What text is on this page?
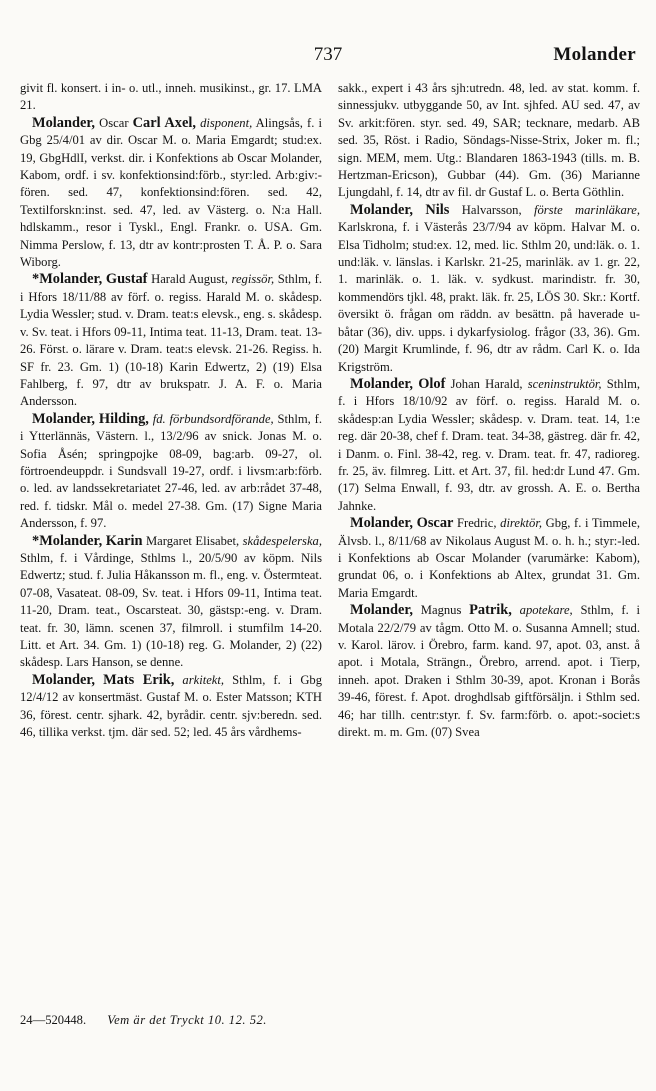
737	Molander

givit fl. konsert. i in- o. utl., inneh. musikinst., gr. 17. LMA 21.

Molander, Oscar Carl Axel, disponent, Alingsås, f. i Gbg 25/4/01 av dir. Oscar M. o. Maria Emgardt; stud:ex. 19, GbgHdlI, verkst. dir. i Konfektions ab Oscar Molander, Kabom, ordf. i sv. konfektionsind:förb., styr:led. Arb:giv:-fören. sed. 47, konfektionsind:fören. sed. 42, Textilforskn:inst. sed. 47, led. av Västerg. o. N:a Hall. hdlskamm., resor i Tyskl., Engl. Frankr. o. USA. Gm. Nimma Perslow, f. 13, dtr av kontr:prosten T. Å. P. o. Sara Wiborg.

*Molander, Gustaf Harald August, regissör, Sthlm, f. i Hfors 18/11/88 av förf. o. regiss. Harald M. o. skådesp. Lydia Wessler; stud. v. Dram. teat:s elevsk., eng. s. skådesp. v. Sv. teat. i Hfors 09-11, Intima teat. 11-13, Dram. teat. 13-26. Först. o. lärare v. Dram. teat:s elevsk. 21-26. Regiss. h. SF fr. 23. Gm. 1) (10-18) Karin Edwertz, 2) (19) Elsa Fahlberg, f. 97, dtr av brukspatr. J. A. F. o. Maria Andersson.

Molander, Hilding, fd. förbundsordförande, Sthlm, f. i Ytterlännäs, Västern. l., 13/2/96 av snick. Jonas M. o. Sofia Åsén; springpojke 08-09, bag:arb. 09-27, ol. förtroendeuppdr. i Sundsvall 19-27, ordf. i livsm:arb:förb. o. led. av landssekretariatet 27-46, led. av arb:rådet 37-48, red. f. tidskr. Mål o. medel 27-38. Gm. (17) Signe Maria Andersson, f. 97.

*Molander, Karin Margaret Elisabet, skådespelerska, Sthlm, f. i Vårdinge, Sthlms l., 20/5/90 av köpm. Nils Edwertz; stud. f. Julia Håkansson m. fl., eng. v. Östermteat. 07-08, Vasateat. 08-09, Sv. teat. i Hfors 09-11, Intima teat. 11-20, Dram. teat., Oscarsteat. 30, gästsp:-eng. v. Dram. teat. fr. 30, lämn. scenen 37, filmroll. i stumfilm 14-20. Litt. et Art. 34. Gm. 1) (10-18) reg. G. Molander, 2) (22) skådesp. Lars Hanson, se denne.

Molander, Mats Erik, arkitekt, Sthlm, f. i Gbg 12/4/12 av konsertmäst. Gustaf M. o. Ester Matsson; KTH 36, förest. centr. sjhark. 42, byrådir. centr. sjv:beredn. sed. 46, tillika verkst. tjm. där sed. 52; led. 45 års vårdhems-

sakk., expert i 43 års sjh:utredn. 48, led. av stat. komm. f. sinnessjukv. utbyggande 50, av Int. sjhfed. AU sed. 47, av Sv. arkit:fören. styr. sed. 49, SAR; tecknare, medarb. AB sed. 35, Röst. i Radio, Söndags-Nisse-Strix, Joker m. fl.; sign. MEM, mem. Utg.: Blandaren 1863-1943 (tills. m. B. Hertzman-Ericson), Gubbar (44). Gm. (36) Marianne Ljungdahl, f. 14, dtr av fil. dr Gustaf L. o. Berta Göthlin.

Molander, Nils Halvarsson, förste marinläkare, Karlskrona, f. i Västerås 23/7/94 av köpm. Halvar M. o. Elsa Tidholm; stud:ex. 12, med. lic. Sthlm 20, und:läk. o. 1. und:läk. v. länslas. i Karlskr. 21-25, marinläk. av 1. gr. 22, 1. marinläk. o. 1. läk. v. sydkust. marindistr. fr. 30, kommendörs tjkl. 48, prakt. läk. fr. 25, LÖS 30. Skr.: Kortf. översikt ö. frågan om räddn. av besättn. på haverade u-båtar (36), div. upps. i dykarfysiolog. frågor (33, 36). Gm. (20) Margit Krumlinde, f. 96, dtr av rådm. Carl K. o. Ida Krigström.

Molander, Olof Johan Harald, sceninstruktör, Sthlm, f. i Hfors 18/10/92 av förf. o. regiss. Harald M. o. skådesp:an Lydia Wessler; skådesp. v. Dram. teat. 14, 1:e reg. där 20-38, chef f. Dram. teat. 34-38, gästreg. där fr. 42, i Danm. o. Finl. 38-42, reg. v. Dram. teat. fr. 47, radioreg. fr. 25, äv. filmreg. Litt. et Art. 37, fil. hed:dr Lund 47. Gm. (17) Selma Enwall, f. 93, dtr. av grossh. A. E. o. Bertha Jahnke.

Molander, Oscar Fredric, direktör, Gbg, f. i Timmele, Älvsb. l., 8/11/68 av Nikolaus August M. o. h. h.; styr:-led. i Konfektions ab Oscar Molander (varumärke: Kabom), grundat 06, o. i Konfektions ab Altex, grundat 31. Gm. Maria Emgardt.

Molander, Magnus Patrik, apotekare, Sthlm, f. i Motala 22/2/79 av tågm. Otto M. o. Susanna Amnell; stud. v. Karol. lärov. i Örebro, farm. kand. 97, apot. 03, anst. å apot. i Motala, Strängn., Örebro, arrend. apot. i Tierp, inneh. apot. Draken i Sthlm 30-39, apot. Kronan i Borås 39-46, förest. f. Apot. droghdlsab giftförsäljn. i Sthlm sed. 46; har tillh. centr:styr. f. Sv. farm:förb. o. apot:-societ:s direkt. m. m. Gm. (07) Svea

24—520448. Vem är det Tryckt 10. 12. 52.
